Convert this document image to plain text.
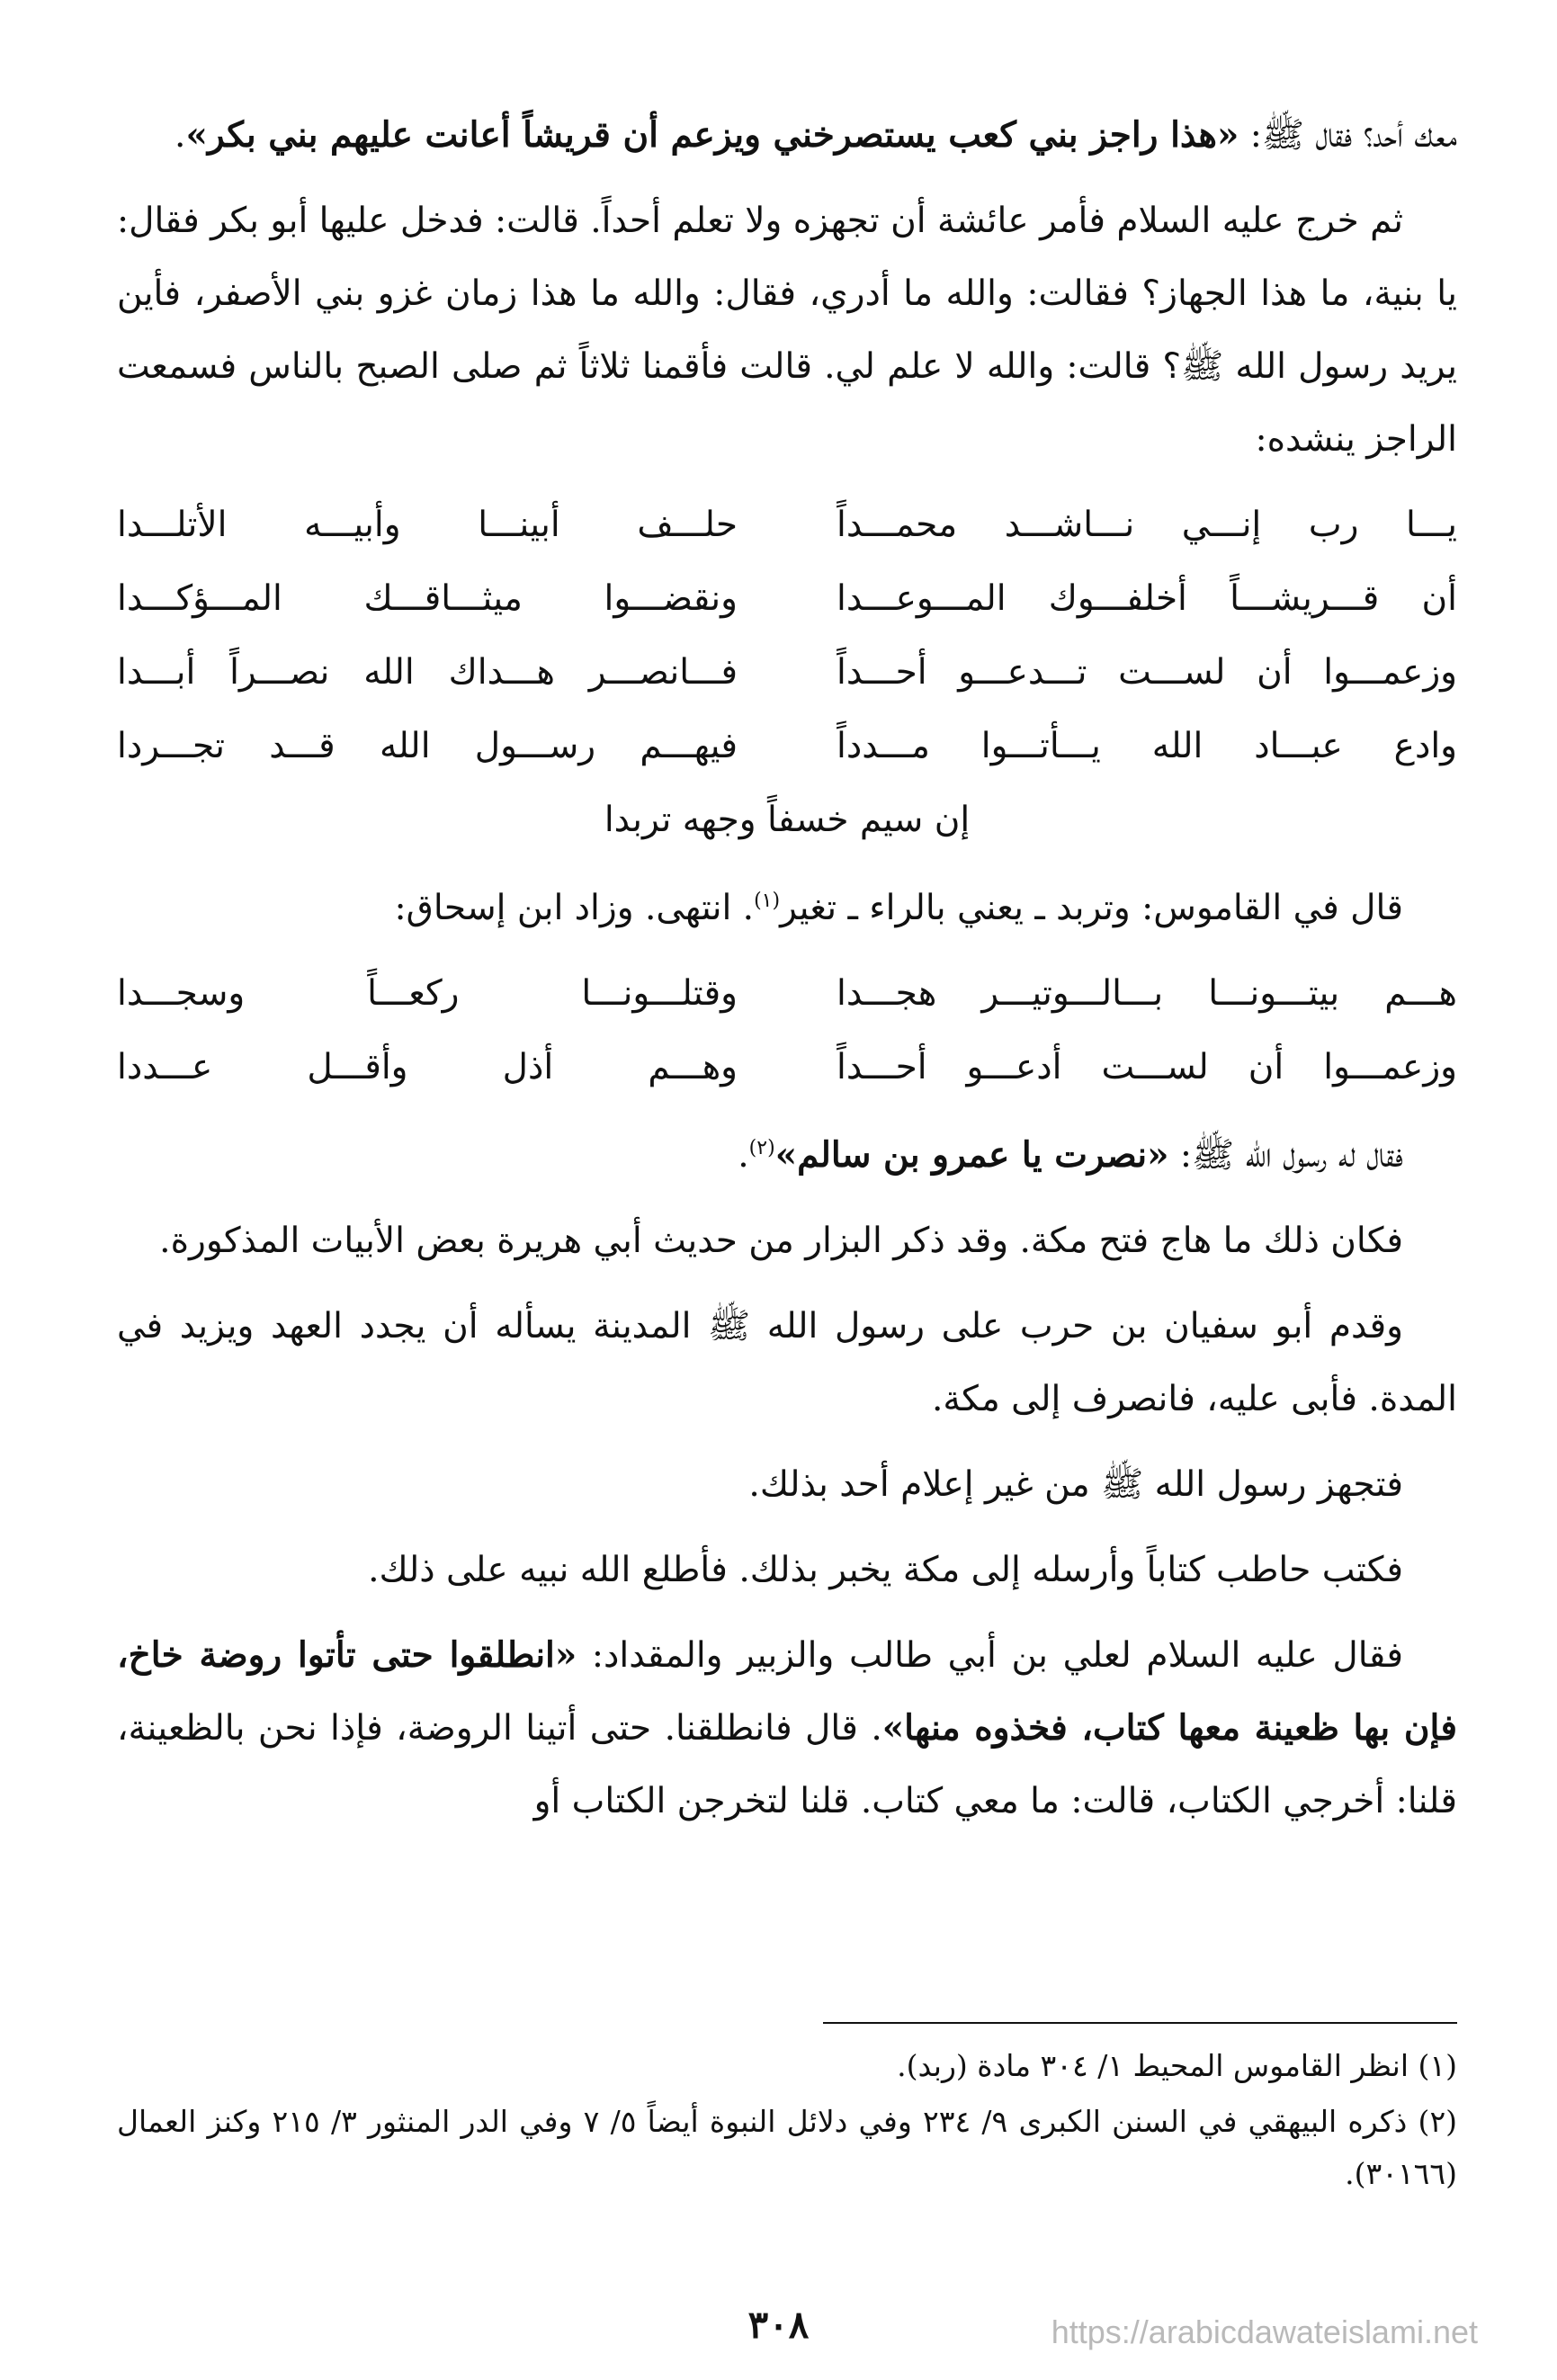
معك أحد؟ فقال ﷺ: «هذا راجز بني كعب يستصرخني ويزعم أن قريشاً أعانت عليهم بني بكر».

ثم خرج عليه السلام فأمر عائشة أن تجهزه ولا تعلم أحداً. قالت: فدخل عليها أبو بكر فقال: يا بنية، ما هذا الجهاز؟ فقالت: والله ما أدري، فقال: والله ما هذا زمان غزو بني الأصفر، فأين يريد رسول الله ﷺ؟ قالت: والله لا علم لي. قالت فأقمنا ثلاثاً ثم صلى الصبح بالناس فسمعت الراجز ينشده:

يـــا رب إنـــي نـــاشـــد محمـــداً
حلـــف أبينـــا وأبيـــه الأتلـــدا
أن قـــريشـــاً أخلفـــوك المـــوعـــدا
ونقضـــوا ميثـــاقـــك المـــؤكـــدا
وزعمـــوا أن لســـت تـــدعـــو أحـــداً
فـــانصـــر هـــداك الله نصـــراً أبـــدا
وادع عبـــاد الله يـــأتـــوا مـــدداً
فيهـــم رســـول الله قـــد تجـــردا
إن سيم خسفاً وجهه تربدا

قال في القاموس: وتربد ـ يعني بالراء ـ تغير$^{(١)}$. انتهى. وزاد ابن إسحاق:

هـــم بيتـــونـــا بـــالـــوتيـــر هجـــدا
وقتلـــونـــا ركعـــاً وسجـــدا
وزعمـــوا أن لســـت أدعـــو أحـــداً
وهـــم أذل وأقـــل عـــددا

فقال له رسول الله ﷺ: «نصرت يا عمرو بن سالم»$^{(٢)}$.

فكان ذلك ما هاج فتح مكة. وقد ذكر البزار من حديث أبي هريرة بعض الأبيات المذكورة.

وقدم أبو سفيان بن حرب على رسول الله ﷺ المدينة يسأله أن يجدد العهد ويزيد في المدة. فأبى عليه، فانصرف إلى مكة.

فتجهز رسول الله ﷺ من غير إعلام أحد بذلك.

فكتب حاطب كتاباً وأرسله إلى مكة يخبر بذلك. فأطلع الله نبيه على ذلك.

فقال عليه السلام لعلي بن أبي طالب والزبير والمقداد: «انطلقوا حتى تأتوا روضة خاخ، فإن بها ظعينة معها كتاب، فخذوه منها». قال فانطلقنا. حتى أتينا الروضة، فإذا نحن بالظعينة، قلنا: أخرجي الكتاب، قالت: ما معي كتاب. قلنا لتخرجن الكتاب أو

(١) انظر القاموس المحيط ١/ ٣٠٤ مادة (ربد).

(٢) ذكره البيهقي في السنن الكبرى ٩/ ٢٣٤ وفي دلائل النبوة أيضاً ٥/ ٧ وفي الدر المنثور ٣/ ٢١٥ وكنز العمال (٣٠١٦٦).

٣٠٨	https://arabicdawateislami.net
